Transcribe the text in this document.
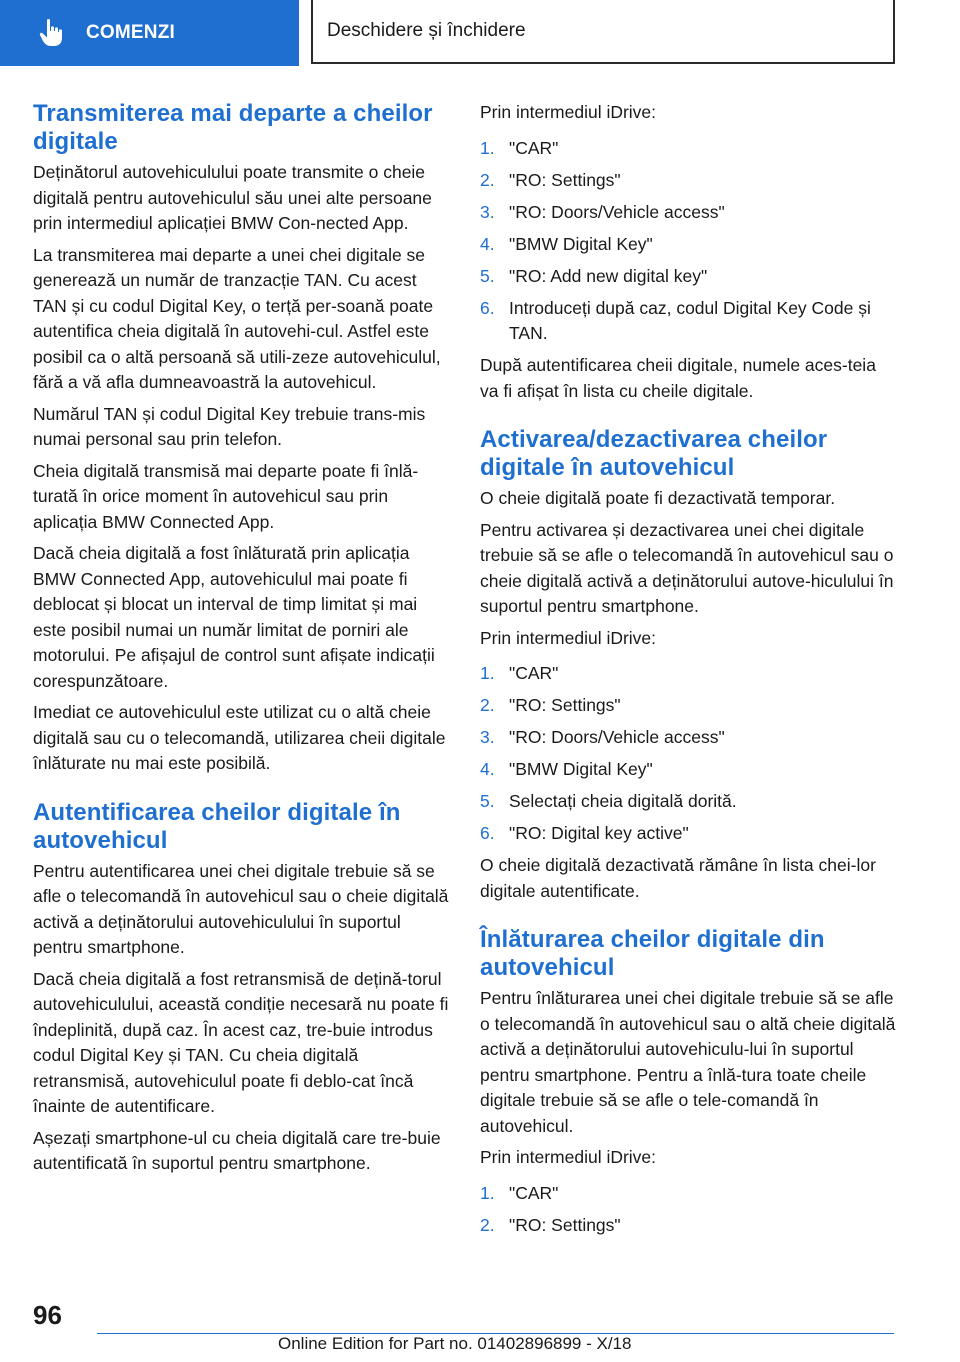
COMENZI	Deschidere și închidere
Transmiterea mai departe a cheilor digitale

Deținătorul autovehiculului poate transmite o cheie digitală pentru autovehiculul său unei alte persoane prin intermediul aplicației BMW Con‐nected App.

La transmiterea mai departe a unei chei digitale se generează un număr de tranzacție TAN. Cu acest TAN și cu codul Digital Key, o terță per‐soană poate autentifica cheia digitală în autovehi‐cul. Astfel este posibil ca o altă persoană să utili‐zeze autovehiculul, fără a vă afla dumneavoastră la autovehicul.

Numărul TAN și codul Digital Key trebuie trans‐mis numai personal sau prin telefon.

Cheia digitală transmisă mai departe poate fi înlă‐turată în orice moment în autovehicul sau prin aplicația BMW Connected App.

Dacă cheia digitală a fost înlăturată prin aplicația BMW Connected App, autovehiculul mai poate fi deblocat și blocat un interval de timp limitat și mai este posibil numai un număr limitat de porniri ale motorului. Pe afișajul de control sunt afișate indicații corespunzătoare.

Imediat ce autovehiculul este utilizat cu o altă cheie digitală sau cu o telecomandă, utilizarea cheii digitale înlăturate nu mai este posibilă.

Autentificarea cheilor digitale în autovehicul

Pentru autentificarea unei chei digitale trebuie să se afle o telecomandă în autovehicul sau o cheie digitală activă a deținătorului autovehiculului în suportul pentru smartphone.

Dacă cheia digitală a fost retransmisă de dețină‐torul autovehiculului, această condiție necesară nu poate fi îndeplinită, după caz. În acest caz, tre‐buie introdus codul Digital Key și TAN. Cu cheia digitală retransmisă, autovehiculul poate fi deblo‐cat încă înainte de autentificare.

Așezați smartphone-ul cu cheia digitală care tre‐buie autentificată în suportul pentru smartphone.

Prin intermediul iDrive:

1. "CAR"
2. "RO: Settings"
3. "RO: Doors/Vehicle access"
4. "BMW Digital Key"
5. "RO: Add new digital key"
6. Introduceți după caz, codul Digital Key Code și TAN.

După autentificarea cheii digitale, numele aces‐teia va fi afișat în lista cu cheile digitale.

Activarea/dezactivarea cheilor digitale în autovehicul

O cheie digitală poate fi dezactivată temporar.

Pentru activarea și dezactivarea unei chei digitale trebuie să se afle o telecomandă în autovehicul sau o cheie digitală activă a deținătorului autove‐hiculului în suportul pentru smartphone.

Prin intermediul iDrive:

1. "CAR"
2. "RO: Settings"
3. "RO: Doors/Vehicle access"
4. "BMW Digital Key"
5. Selectați cheia digitală dorită.
6. "RO: Digital key active"

O cheie digitală dezactivată rămâne în lista chei‐lor digitale autentificate.

Înlăturarea cheilor digitale din autovehicul

Pentru înlăturarea unei chei digitale trebuie să se afle o telecomandă în autovehicul sau o altă cheie digitală activă a deținătorului autovehiculu‐lui în suportul pentru smartphone. Pentru a înlă‐tura toate cheile digitale trebuie să se afle o tele‐comandă în autovehicul.

Prin intermediul iDrive:

1. "CAR"
2. "RO: Settings"
96
Online Edition for Part no. 01402896899 - X/18
